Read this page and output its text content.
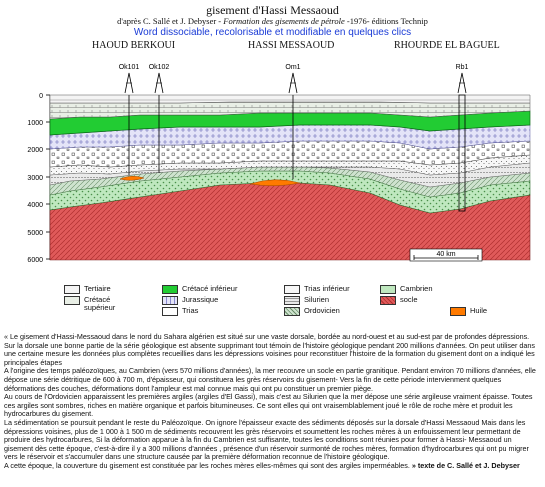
gisement d'Hassi Messaoud
d'après C. Sallé et J. Debyser - Formation des gisements de pétrole -1976- éditions Technip
Word dissociable, recolorisable et modifiable en quelques clics
HAOUD BERKOUI	HASSI MESSAOUD	RHOURDE EL BAGUEL
0
1000
2000
3000
4000
5000
6000
Ok101 Ok102	Om1	Rb1
40 km
Tertiaire
Crétacé
supérieur
Crétacé inférieur
Jurassique
Trias
Trias inférieur
Silurien
Ordovicien
Cambrien
socle
Huile

« Le gisement d'Hassi-Messaoud dans le nord du Sahara algérien est situé sur une vaste dorsale, bordée au nord-ouest et au sud-est par de profondes dépressions. Sur la dorsale une bonne partie de la série géologique est absente supprimant tout témoin de l'histoire géologique pendant 200 millions d'années. On peut utiliser dans une certaine mesure les données plus complètes recueillies dans les dépressions voisines pour reconstituer l'histoire de la formation du gisement dont on a indiqué les principales étapes

A l'origine des temps paléozoïques, au Cambrien (vers 570 millions d'années), la mer recouvre un socle en partie granitique. Pendant environ 70 millions d'années, elle dépose une série détritique de 600 à 700 m, d'épaisseur, qui constituera les grès réservoirs du gisement- Vers la fin de cette période intervienment quelques déformations des couches, déformations dont l'ampleur est mal connue mais qui ont pu constituer un premier piège.

Au cours de l'Ordovicien apparaissent les premières argiles (argiles d'El Gassi), mais c'est au Silurien que la mer dépose une série argileuse vraiment épaisse. Toutes ces argiles sont sombres, riches en matière organique et parfois bitumineuses. Ce sont elles qui ont vraisemblablement joué le rôle de roche mère et produit les hydrocarbures du gisement.

La sédimentation se poursuit pendant le reste du Paléozoïque. On ignore l'épaisseur exacte des sédiments déposés sur la dorsale d'Hassi Messaoud Mais dans les dépressions voisines, plus de 1 000 à 1 500 m de sédiments recouvrent les grès réservoirs et soumettent les roches mères à un enfouissement leur permettant de produire des hydrocarbures, Si la déformation apparue à la fin du Cambrien est suffisante, toutes les conditions sont réunies pour former à Hassi- Messaoud un gisement dès cette époque, c'est-à-dire il y a 300 millions d'années , présence d'un réservoir surmonté de roches mères, formation d'hydrocarbures qui ont pu migrer vers le réservoir et s'accumuler dans une structure causée par la première déformation reconnue de l'histoire géologique.

A cette époque, la couverture du gisement est constituée par les roches mères elles-mêmes qui sont des argiles imperméables. » texte de C. Sallé et J. Debyser
